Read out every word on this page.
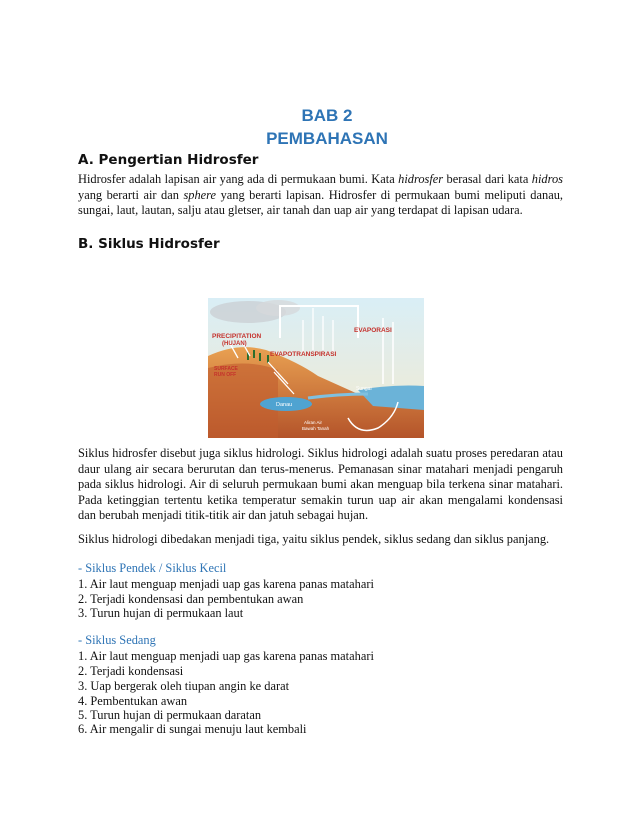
BAB 2
PEMBAHASAN
A. Pengertian Hidrosfer
Hidrosfer adalah lapisan air yang ada di permukaan bumi. Kata hidrosfer berasal dari kata hidros yang berarti air dan sphere yang berarti lapisan. Hidrosfer di permukaan bumi meliputi danau, sungai, laut, lautan, salju atau gletser, air tanah dan uap air yang terdapat di lapisan udara.
B. Siklus Hidrosfer
PRECIPITATION
(HUJAN)
EVAPORASI
EVAPOTRANSPIRASI
SURFACE
RUN OFF
Danau
Sungai
Aliran Air
Bawah Tanah
Siklus hidrosfer disebut juga siklus hidrologi. Siklus hidrologi adalah suatu proses peredaran atau daur ulang air secara berurutan dan terus-menerus. Pemanasan sinar matahari menjadi pengaruh pada siklus hidrologi. Air di seluruh permukaan bumi akan menguap bila terkena sinar matahari. Pada ketinggian tertentu ketika temperatur semakin turun uap air akan mengalami kondensasi dan berubah menjadi titik-titik air dan jatuh sebagai hujan.
Siklus hidrologi dibedakan menjadi tiga, yaitu siklus pendek, siklus sedang dan siklus panjang.
- Siklus Pendek / Siklus Kecil
1. Air laut menguap menjadi uap gas karena panas matahari
2. Terjadi kondensasi dan pembentukan awan
3. Turun hujan di permukaan laut
- Siklus Sedang
1. Air laut menguap menjadi uap gas karena panas matahari
2. Terjadi kondensasi
3. Uap bergerak oleh tiupan angin ke darat
4. Pembentukan awan
5. Turun hujan di permukaan daratan
6. Air mengalir di sungai menuju laut kembali
